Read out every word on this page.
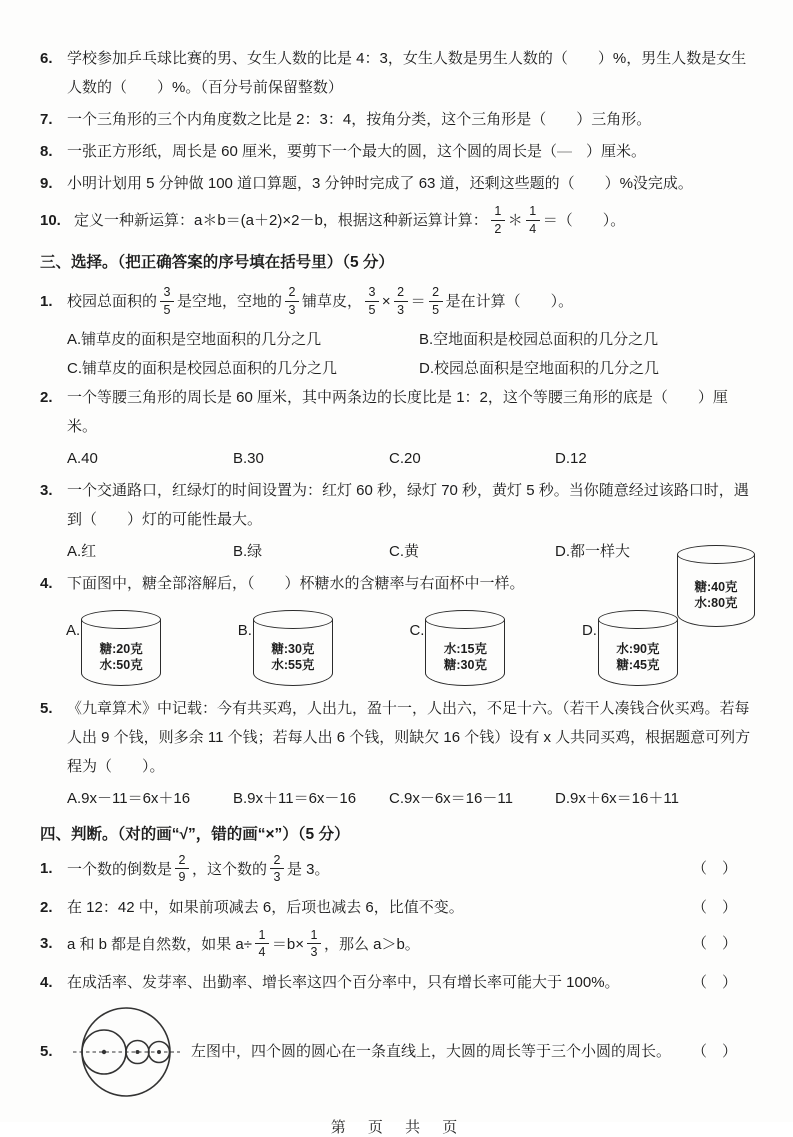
6. 学校参加乒乓球比赛的男、女生人数的比是 4：3，女生人数是男生人数的（　　）%，男生人数是女生人数的（　　）%。（百分号前保留整数）
7. 一个三角形的三个内角度数之比是 2：3：4，按角分类，这个三角形是（　　）三角形。
8. 一张正方形纸，周长是 60 厘米，要剪下一个最大的圆，这个圆的周长是（—　）厘米。
9. 小明计划用 5 分钟做 100 道口算题，3 分钟时完成了 63 道，还剩这些题的（　　）%没完成。
10. 定义一种新运算：a＊b＝(a＋2)×2－b，根据这种新运算计算： $\frac{1}{2}$ ＊ $\frac{1}{4}$ ＝（　　）。
三、选择。（把正确答案的序号填在括号里）（5 分）
1. 校园总面积的 $\frac{3}{5}$ 是空地，空地的 $\frac{2}{3}$ 铺草皮， $\frac{3}{5} \times \frac{2}{3} = \frac{2}{5}$ 是在计算（　　）。
A.铺草皮的面积是空地面积的几分之几	B.空地面积是校园总面积的几分之几
C.铺草皮的面积是校园总面积的几分之几	D.校园总面积是空地面积的几分之几
2. 一个等腰三角形的周长是 60 厘米，其中两条边的长度比是 1：2，这个等腰三角形的底是（　　）厘米。
A.40	B.30	C.20	D.12
3. 一个交通路口，红绿灯的时间设置为：红灯 60 秒，绿灯 70 秒，黄灯 5 秒。当你随意经过该路口时，遇到（　　）灯的可能性最大。
A.红	B.绿	C.黄	D.都一样大
4. 下面图中，糖全部溶解后，（　　）杯糖水的含糖率与右面杯中一样。
A.
糖:20克
水:50克
B.
糖:30克
水:55克
C.
水:15克
糖:30克
D.
水:90克
糖:45克
糖:40克
水:80克
5. 《九章算术》中记载：今有共买鸡，人出九，盈十一，人出六，不足十六。（若干人凑钱合伙买鸡。若每人出 9 个钱，则多余 11 个钱；若每人出 6 个钱，则缺欠 16 个钱）设有 x 人共同买鸡，根据题意可列方程为（　　）。
A.9x－11＝6x＋16	B.9x＋11＝6x－16	C.9x－6x＝16－11	D.9x＋6x＝16＋11
四、判断。（对的画“√”，错的画“×”）（5 分）
1. 一个数的倒数是 $\frac{2}{9}$ ，这个数的 $\frac{2}{3}$ 是 3。	（　）
2. 在 12：42 中，如果前项减去 6，后项也减去 6，比值不变。	（　）
3. a 和 b 都是自然数，如果 $a\div \frac{1}{4} =b\times \frac{1}{3}$ ，那么 a＞b。	（　）
4. 在成活率、发芽率、出勤率、增长率这四个百分率中，只有增长率可能大于 100%。	（　）
5.	左图中，四个圆的圆心在一条直线上，大圆的周长等于三个小圆的周长。 （　）
第 页 共 页
